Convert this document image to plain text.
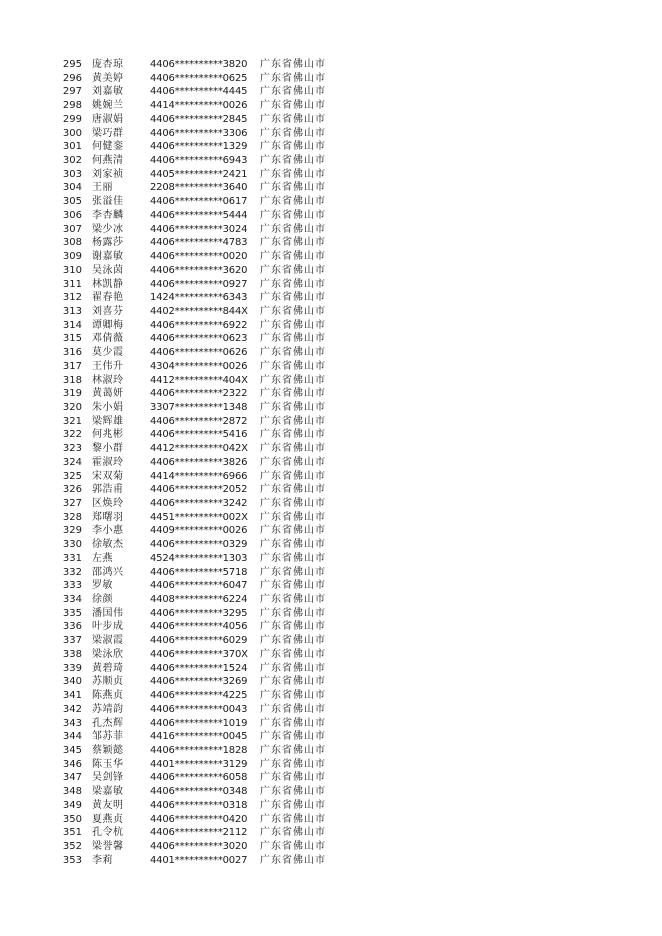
295	庞杏琼	4406**********3820	广东省佛山市
296	黄美婷	4406**********0625	广东省佛山市
297	刘嘉敏	4406**********4445	广东省佛山市
298	姚婉兰	4414**********0026	广东省佛山市
299	唐淑娟	4406**********2845	广东省佛山市
300	梁巧群	4406**********3306	广东省佛山市
301	何健銮	4406**********1329	广东省佛山市
302	何燕清	4406**********6943	广东省佛山市
303	刘家祯	4405**********2421	广东省佛山市
304	王丽	2208**********3640	广东省佛山市
305	张溢佳	4406**********0617	广东省佛山市
306	李杏麟	4406**********5444	广东省佛山市
307	梁少冰	4406**********3024	广东省佛山市
308	杨露莎	4406**********4783	广东省佛山市
309	谢嘉敏	4406**********0020	广东省佛山市
310	吴泳茵	4406**********3620	广东省佛山市
311	林凯静	4406**********0927	广东省佛山市
312	翟春艳	1424**********6343	广东省佛山市
313	刘喜芬	4402**********844X	广东省佛山市
314	谭卿梅	4406**********6922	广东省佛山市
315	邓倩薇	4406**********0623	广东省佛山市
316	莫少霞	4406**********0626	广东省佛山市
317	王伟升	4304**********0026	广东省佛山市
318	林淑玲	4412**********404X	广东省佛山市
319	黄蔼妍	4406**********2322	广东省佛山市
320	朱小娟	3307**********1348	广东省佛山市
321	梁辉雄	4406**********2872	广东省佛山市
322	何兆彬	4406**********5416	广东省佛山市
323	黎小群	4412**********042X	广东省佛山市
324	霍淑玲	4406**********3826	广东省佛山市
325	宋双菊	4414**********6966	广东省佛山市
326	郭浩甫	4406**********2052	广东省佛山市
327	区焕玲	4406**********3242	广东省佛山市
328	郑曙羽	4451**********002X	广东省佛山市
329	李小惠	4409**********0026	广东省佛山市
330	徐敏杰	4406**********0329	广东省佛山市
331	左燕	4524**********1303	广东省佛山市
332	邵鸿兴	4406**********5718	广东省佛山市
333	罗敏	4406**********6047	广东省佛山市
334	徐颜	4408**********6224	广东省佛山市
335	潘国伟	4406**********3295	广东省佛山市
336	叶步成	4406**********4056	广东省佛山市
337	梁淑霞	4406**********6029	广东省佛山市
338	梁泳欣	4406**********370X	广东省佛山市
339	黄碧琦	4406**********1524	广东省佛山市
340	苏顺贞	4406**********3269	广东省佛山市
341	陈燕贞	4406**********4225	广东省佛山市
342	苏靖韵	4406**********0043	广东省佛山市
343	孔杰辉	4406**********1019	广东省佛山市
344	邹苏菲	4416**********0045	广东省佛山市
345	蔡颖懿	4406**********1828	广东省佛山市
346	陈玉华	4401**********3129	广东省佛山市
347	吴剑锋	4406**********6058	广东省佛山市
348	梁嘉敏	4406**********0348	广东省佛山市
349	黄友明	4406**********0318	广东省佛山市
350	夏燕贞	4406**********0420	广东省佛山市
351	孔令杭	4406**********2112	广东省佛山市
352	梁誉馨	4406**********3020	广东省佛山市
353	李莉	4401**********0027	广东省佛山市
